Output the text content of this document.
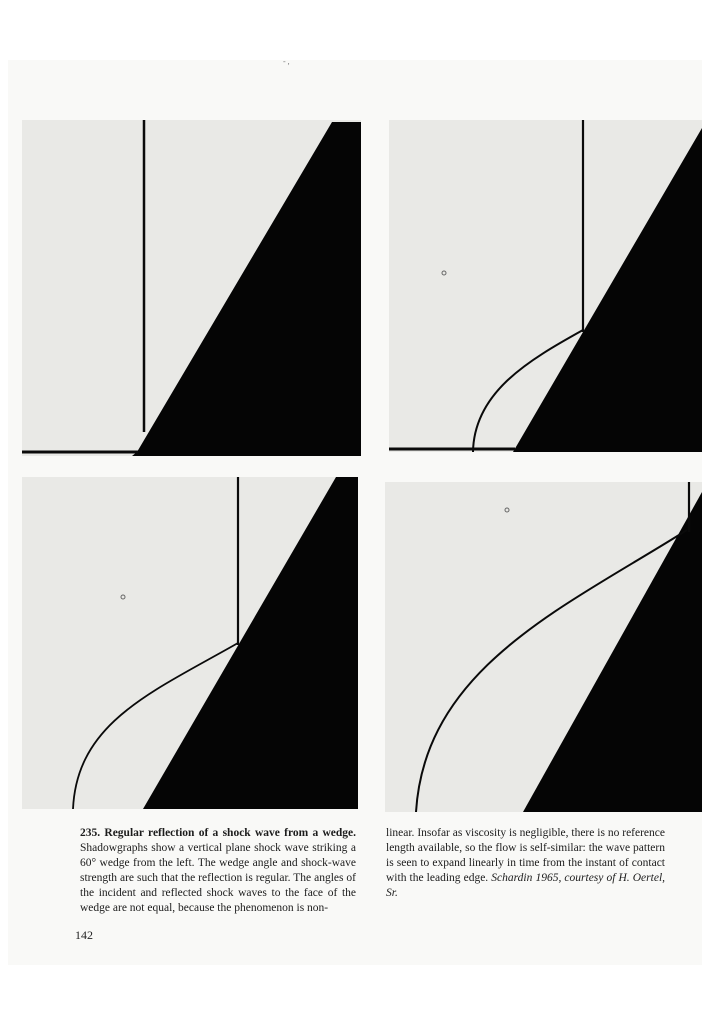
- ,
235. Regular reflection of a shock wave from a wedge. Shadowgraphs show a vertical plane shock wave striking a 60° wedge from the left. The wedge angle and shock-wave strength are such that the reflection is regular. The angles of the incident and reflected shock waves to the face of the wedge are not equal, because the phenomenon is non-
linear. Insofar as viscosity is negligible, there is no reference length available, so the flow is self-similar: the wave pattern is seen to expand linearly in time from the instant of contact with the leading edge. Schardin 1965, courtesy of H. Oertel, Sr.
142
